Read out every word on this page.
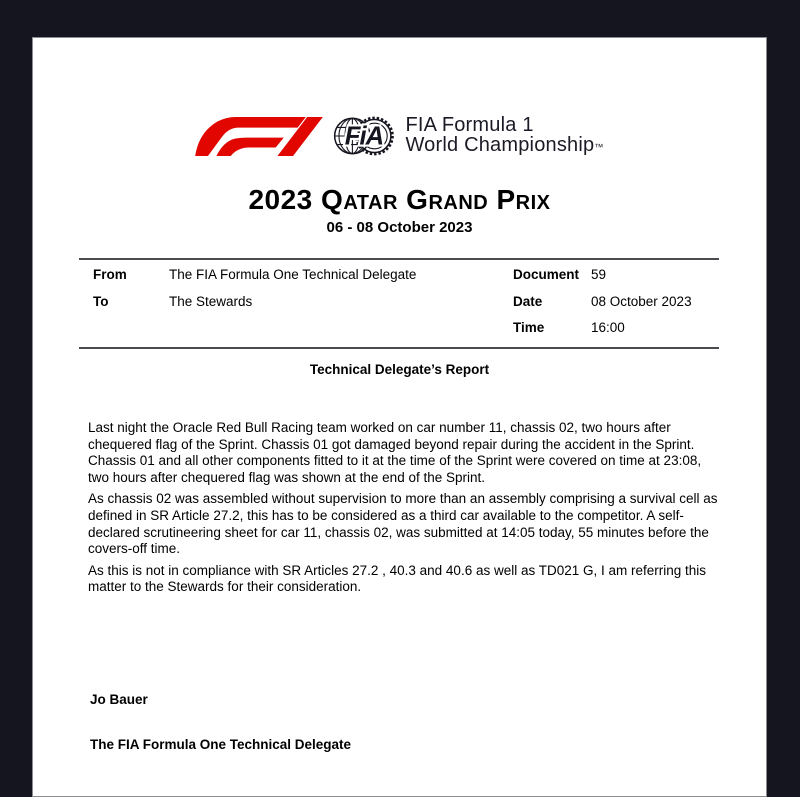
FiA FIA Formula 1
World Championship™
2023 Qatar Grand Prix
06 - 08 October 2023
From	The FIA Formula One Technical Delegate
To	The Stewards
Document 59
Date	08 October 2023
Time	16:00
Technical Delegate’s Report

Last night the Oracle Red Bull Racing team worked on car number 11, chassis 02, two hours after chequered flag of the Sprint. Chassis 01 got damaged beyond repair during the accident in the Sprint. Chassis 01 and all other components fitted to it at the time of the Sprint were covered on time at 23:08, two hours after chequered flag was shown at the end of the Sprint.

As chassis 02 was assembled without supervision to more than an assembly comprising a survival cell as defined in SR Article 27.2, this has to be considered as a third car available to the competitor. A self-declared scrutineering sheet for car 11, chassis 02, was submitted at 14:05 today, 55 minutes before the covers-off time.

As this is not in compliance with SR Articles 27.2 , 40.3 and 40.6 as well as TD021 G, I am referring this matter to the Stewards for their consideration.

Jo Bauer
The FIA Formula One Technical Delegate
